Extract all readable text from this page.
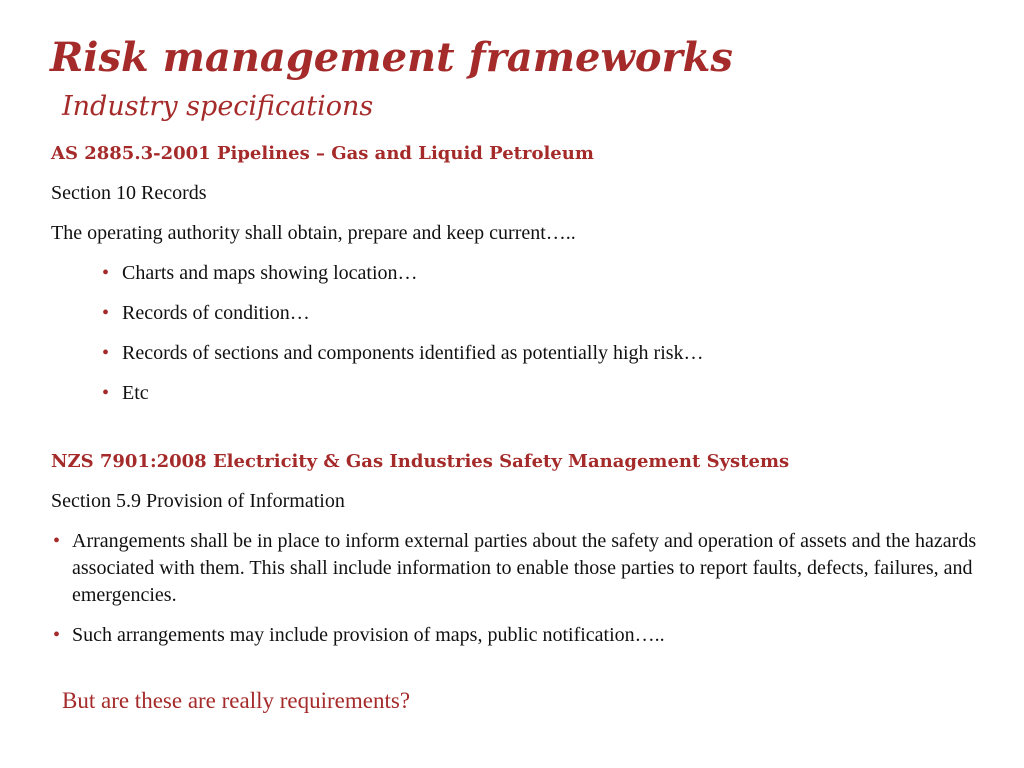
Risk management frameworks
Industry specifications

AS 2885.3-2001 Pipelines – Gas and Liquid Petroleum

Section 10 Records

The operating authority shall obtain, prepare and keep current…..

• Charts and maps showing location…
• Records of condition…
• Records of sections and components identified as potentially high risk…
• Etc

NZS 7901:2008 Electricity & Gas Industries Safety Management Systems

Section 5.9 Provision of Information

• Arrangements shall be in place to inform external parties about the safety and operation of assets and the hazards associated with them. This shall include information to enable those parties to report faults, defects, failures, and emergencies.
• Such arrangements may include provision of maps, public notification…..

But are these are really requirements?
